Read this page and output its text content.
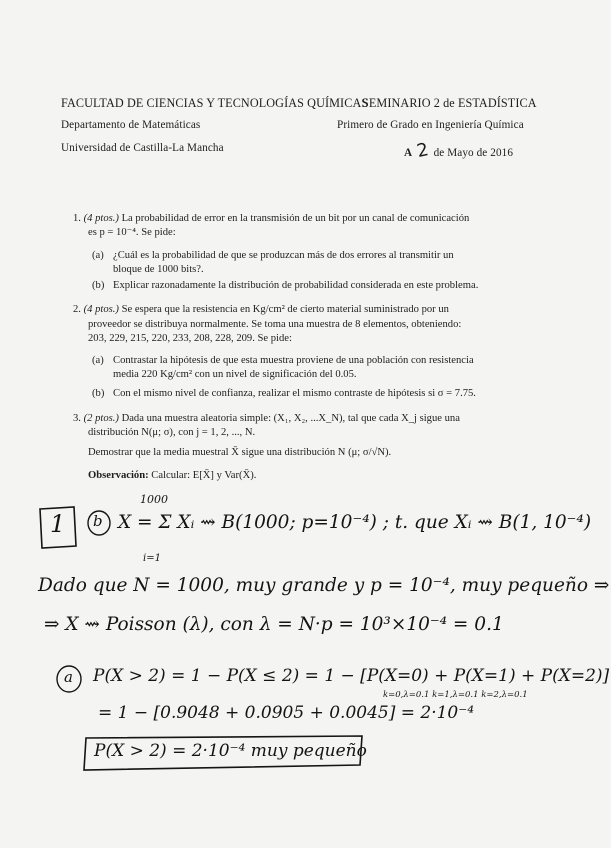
FACULTAD DE CIENCIAS Y TECNOLOGÍAS QUÍMICAS
SEMINARIO 2 de ESTADÍSTICA
Departamento de Matemáticas	Primero de Grado en Ingeniería Química
Universidad de Castilla-La Mancha	A 2 de Mayo de 2016
1. (4 ptos.) La probabilidad de error en la transmisión de un bit por un canal de comunicación
es p = 10⁻⁴. Se pide:
(a) ¿Cuál es la probabilidad de que se produzcan más de dos errores al transmitir un
bloque de 1000 bits?.
(b) Explicar razonadamente la distribución de probabilidad considerada en este problema.
2. (4 ptos.) Se espera que la resistencia en Kg/cm² de cierto material suministrado por un
proveedor se distribuya normalmente. Se toma una muestra de 8 elementos, obteniendo:
203, 229, 215, 220, 233, 208, 228, 209. Se pide:
(a) Contrastar la hipótesis de que esta muestra proviene de una población con resistencia
media 220 Kg/cm² con un nivel de significación del 0.05.
(b) Con el mismo nivel de confianza, realizar el mismo contraste de hipótesis si σ = 7.75.
3. (2 ptos.) Dada una muestra aleatoria simple: (X₁, X₂, ...X_N), tal que cada X_j sigue una
distribución N(μ; σ), con j = 1, 2, ..., N.
Demostrar que la media muestral X̄ sigue una distribución N (μ; σ/√N).
Observación: Calcular: E[X̄] y Var(X̄).
1 b
1000
i=1
X = Σ Xᵢ ⇝ B(1000; p=10⁻⁴) ; t. que Xᵢ ⇝ B(1, 10⁻⁴)
Dado que N = 1000, muy grande y p = 10⁻⁴, muy pequeño ⇒
⇒ X ⇝ Poisson (λ), con λ = N·p = 10³×10⁻⁴ = 0.1
a P(X > 2) = 1 − P(X ≤ 2) = 1 − [P(X=0) + P(X=1) + P(X=2)]
k=0,λ=0.1 k=1,λ=0.1 k=2,λ=0.1
= 1 − [0.9048 + 0.0905 + 0.0045] = 2·10⁻⁴
P(X > 2) = 2·10⁻⁴ muy pequeño
